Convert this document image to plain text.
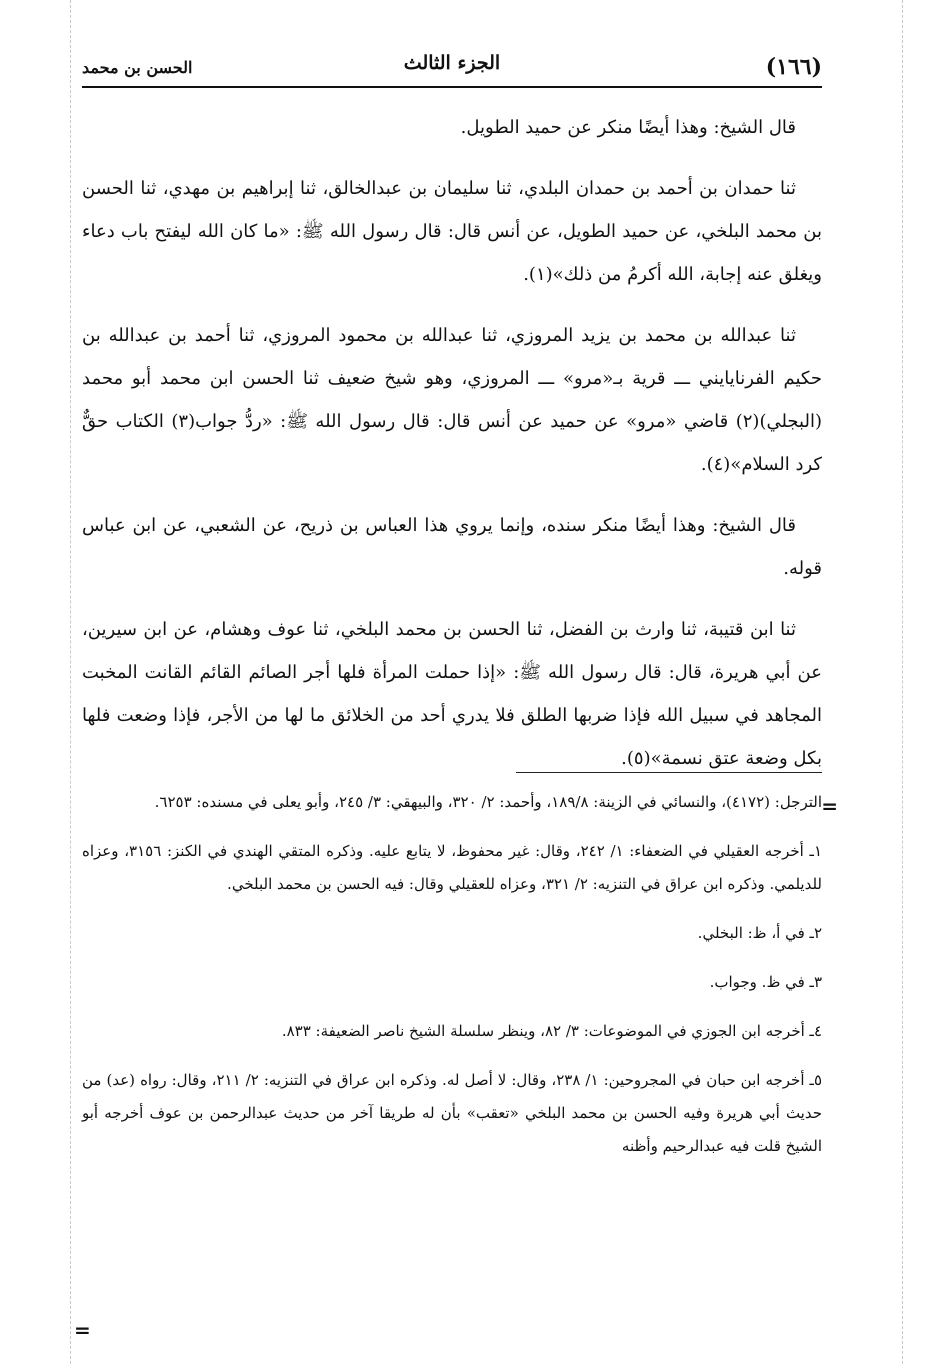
(١٦٦)
الجزء الثالث
الحسن بن محمد

قال الشيخ: وهذا أيضًا منكر عن حميد الطويل.

ثنا حمدان بن أحمد بن حمدان البلدي، ثنا سليمان بن عبدالخالق، ثنا إبراهيم بن مهدي، ثنا الحسن بن محمد البلخي، عن حميد الطويل، عن أنس قال: قال رسول الله ﷺ: «ما كان الله ليفتح باب دعاء ويغلق عنه إجابة، الله أكرمُ من ذلك»(١).

ثنا عبدالله بن محمد بن يزيد المروزي، ثنا عبدالله بن محمود المروزي، ثنا أحمد بن عبدالله بن حكيم الفرنايايني ـــ قرية بـ«مرو» ـــ المروزي، وهو شيخ ضعيف ثنا الحسن ابن محمد أبو محمد (البجلي)(٢) قاضي «مرو» عن حميد عن أنس قال: قال رسول الله ﷺ: «ردُّ جواب(٣) الكتاب حقٌّ كرد السلام»(٤).

قال الشيخ: وهذا أيضًا منكر سنده، وإنما يروي هذا العباس بن ذريح، عن الشعبي، عن ابن عباس قوله.

ثنا ابن قتيبة، ثنا وارث بن الفضل، ثنا الحسن بن محمد البلخي، ثنا عوف وهشام، عن ابن سيرين، عن أبي هريرة، قال: قال رسول الله ﷺ: «إذا حملت المرأة فلها أجر الصائم القائم القانت المخبت المجاهد في سبيل الله فإذا ضربها الطلق فلا يدري أحد من الخلائق ما لها من الأجر، فإذا وضعت فلها بكل وضعة عتق نسمة»(٥).

=

الترجل: (٤١٧٢)، والنسائي في الزينة: ١٨٩/٨، وأحمد: ٢/ ٣٢٠، والبيهقي: ٣/ ٢٤٥، وأبو يعلى في مسنده: ٦٢٥٣.

١ـ أخرجه العقيلي في الضعفاء: ١/ ٢٤٢، وقال: غير محفوظ، لا يتابع عليه. وذكره المتقي الهندي في الكنز: ٣١٥٦، وعزاه للديلمي. وذكره ابن عراق في التنزيه: ٢/ ٣٢١، وعزاه للعقيلي وقال: فيه الحسن بن محمد البلخي.

٢ـ في أ، ظ: البخلي.

٣ـ في ظ. وجواب.

٤ـ أخرجه ابن الجوزي في الموضوعات: ٣/ ٨٢، وينظر سلسلة الشيخ ناصر الضعيفة: ٨٣٣.

٥ـ أخرجه ابن حبان في المجروحين: ١/ ٢٣٨، وقال: لا أصل له. وذكره ابن عراق في التنزيه: ٢/ ٢١١، وقال: رواه (عد) من حديث أبي هريرة وفيه الحسن بن محمد البلخي «تعقب» بأن له طريقا آخر من حديث عبدالرحمن بن عوف أخرجه أبو الشيخ قلت فيه عبدالرحيم وأظنه

=
